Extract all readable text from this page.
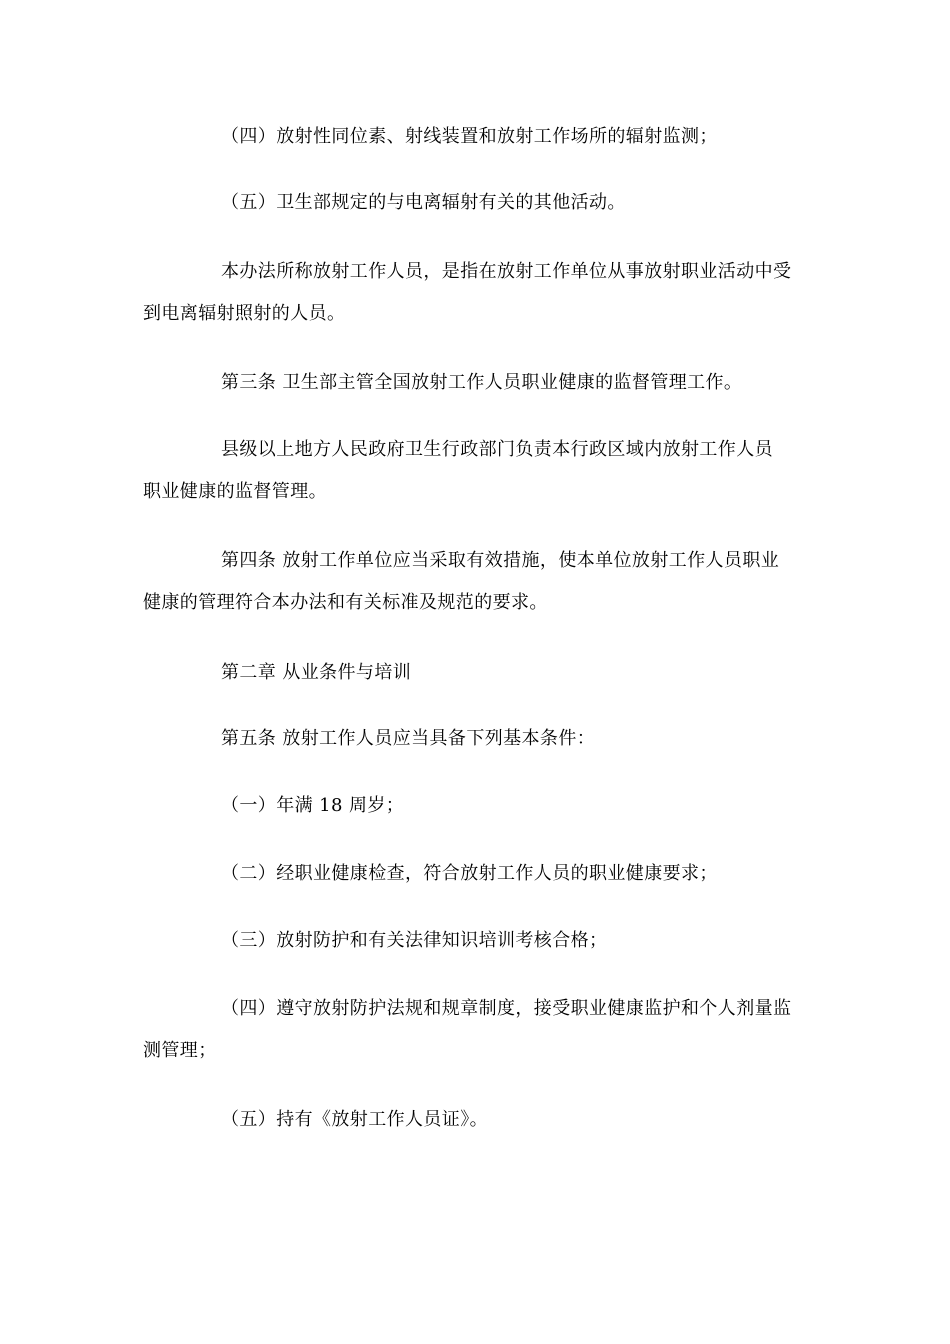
（四）放射性同位素、射线装置和放射工作场所的辐射监测；
（五）卫生部规定的与电离辐射有关的其他活动。
本办法所称放射工作人员，是指在放射工作单位从事放射职业活动中受
到电离辐射照射的人员。
第三条 卫生部主管全国放射工作人员职业健康的监督管理工作。
县级以上地方人民政府卫生行政部门负责本行政区域内放射工作人员
职业健康的监督管理。
第四条 放射工作单位应当采取有效措施，使本单位放射工作人员职业
健康的管理符合本办法和有关标准及规范的要求。
第二章 从业条件与培训
第五条 放射工作人员应当具备下列基本条件：
（一）年满 18 周岁；
（二）经职业健康检查，符合放射工作人员的职业健康要求；
（三）放射防护和有关法律知识培训考核合格；
（四）遵守放射防护法规和规章制度，接受职业健康监护和个人剂量监
测管理；
（五）持有《放射工作人员证》。
